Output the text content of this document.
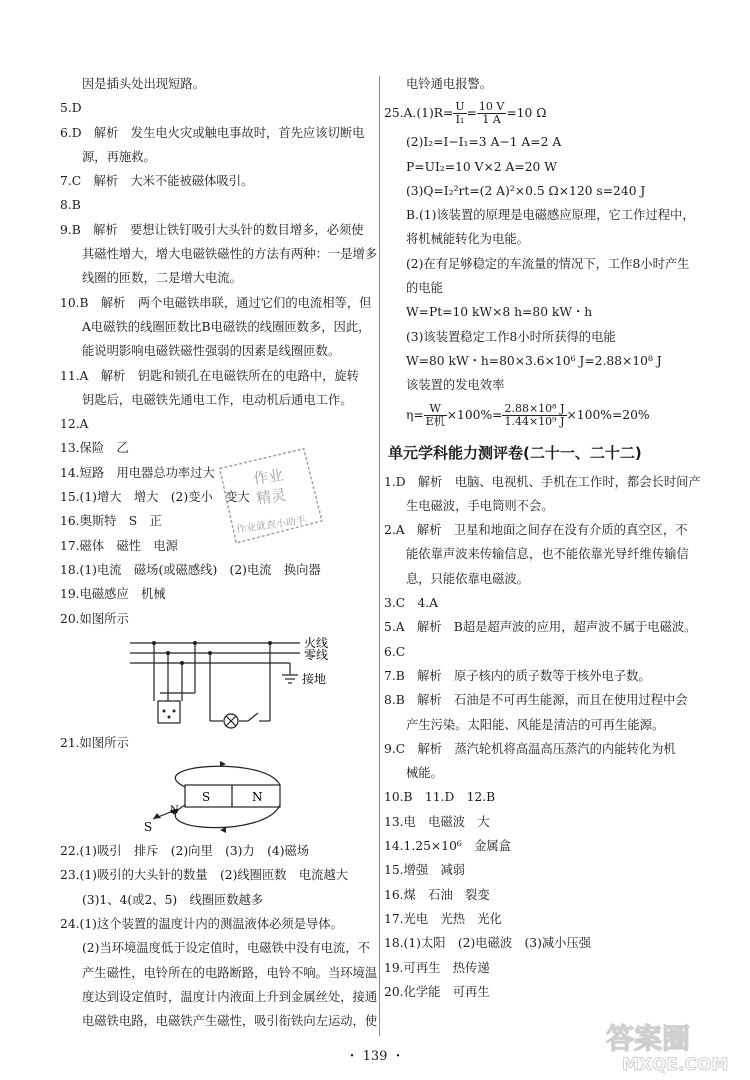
因是插头处出现短路。
5.D
6.D　解析　发生电火灾或触电事故时，首先应该切断电
源，再施救。
7.C　解析　大米不能被磁体吸引。
8.B
9.B　解析　要想让铁钉吸引大头针的数目增多，必须使
其磁性增大，增大电磁铁磁性的方法有两种：一是增多
线圈的匝数，二是增大电流。
10.B　解析　两个电磁铁串联，通过它们的电流相等，但
A电磁铁的线圈匝数比B电磁铁的线圈匝数多，因此，
能说明影响电磁铁磁性强弱的因素是线圈匝数。
11.A　解析　钥匙和锁孔在电磁铁所在的电路中，旋转
钥匙后，电磁铁先通电工作，电动机后通电工作。
12.A
13.保险　乙
14.短路　用电器总功率过大
15.(1)增大　增大　(2)变小　变大
16.奥斯特　S　正
17.磁体　磁性　电源
18.(1)电流　磁场(或磁感线)　(2)电流　换向器
19.电磁感应　机械
20.如图所示
火线
零线
接地
21.如图所示
S	N
S
N
22.(1)吸引　排斥　(2)向里　(3)力　(4)磁场
23.(1)吸引的大头针的数量　(2)线圈匝数　电流越大
(3)1、4(或2、5)　线圈匝数越多
24.(1)这个装置的温度计内的测温液体必须是导体。
(2)当环境温度低于设定值时，电磁铁中没有电流，不
产生磁性，电铃所在的电路断路，电铃不响。当环境温
度达到设定值时，温度计内液面上升到金属丝处，接通
电磁铁电路，电磁铁产生磁性，吸引衔铁向左运动，使
电铃通电报警。
$25.A.(1)R= \frac{U}{\text{I₁}} = \frac{10 V}{1 A} =10$ Ω
(2)I₂=I−I₁=3 A−1 A=2 A
P=UI₂=10 V×2 A=20 W
(3)Q=I₂²rt=(2 A)²×0.5 Ω×120 s=240 J
B.(1)该装置的原理是电磁感应原理，它工作过程中，
将机械能转化为电能。
(2)在有足够稳定的车流量的情况下，工作8小时产生
的电能
W=Pt=10 kW×8 h=80 kW・h
(3)该装置稳定工作8小时所获得的电能
W=80 kW・h=80×3.6×10⁶ J=2.88×10⁸ J
该装置的发电效率
$\eta= \frac{W}{\text{E机}} \times 100\%= \frac{\text{2.88×10⁸ J}}{\text{1.44×10⁹ J}} \times 100\%=20\%$
单元学科能力测评卷(二十一、二十二)
1.D　解析　电脑、电视机、手机在工作时，都会长时间产
生电磁波，手电筒则不会。
2.A　解析　卫星和地面之间存在没有介质的真空区，不
能依靠声波来传输信息，也不能依靠光导纤维传输信
息，只能依靠电磁波。
3.C　4.A
5.A　解析　B超是超声波的应用，超声波不属于电磁波。
6.C
7.B　解析　原子核内的质子数等于核外电子数。
8.B　解析　石油是不可再生能源，而且在使用过程中会
产生污染。太阳能、风能是清洁的可再生能源。
9.C　解析　蒸汽轮机将高温高压蒸汽的内能转化为机
械能。
10.B　11.D　12.B
13.电　电磁波　大
14.1.25×10⁶　金属盒
15.增强　减弱
16.煤　石油　裂变
17.光电　光热　光化
18.(1)太阳　(2)电磁波　(3)减小压强
19.可再生　热传递
20.化学能　可再生
作业
精灵
作业就查小助手
・ 139 ・
答案圈
MXQE.COM
